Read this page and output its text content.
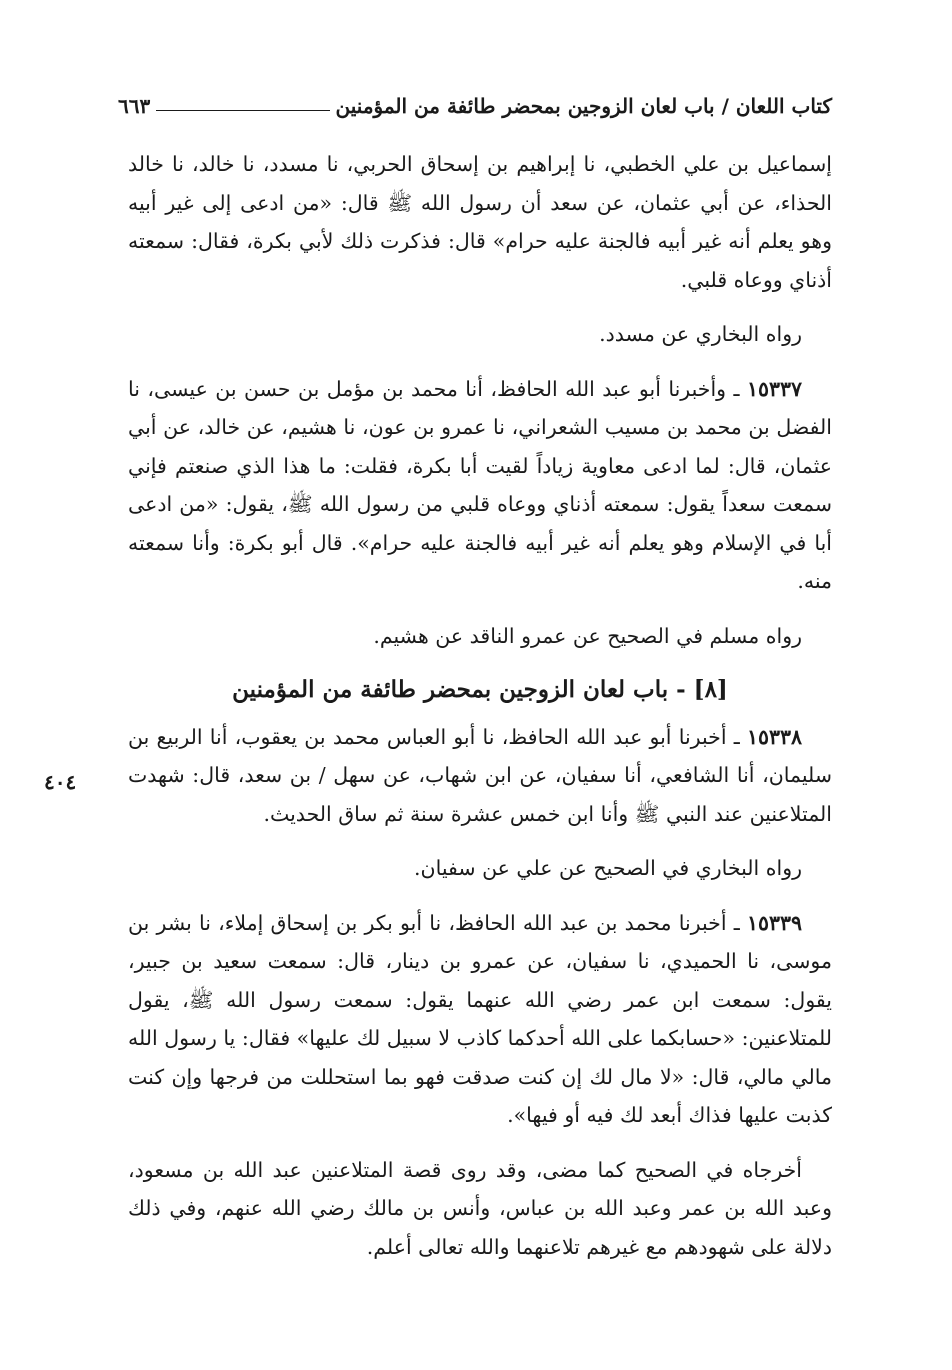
كتاب اللعان / باب لعان الزوجين بمحضر طائفة من المؤمنين
٦٦٣
٤٠٤

إسماعيل بن علي الخطبي، نا إبراهيم بن إسحاق الحربي، نا مسدد، نا خالد، نا خالد الحذاء، عن أبي عثمان، عن سعد أن رسول الله ﷺ قال: «من ادعى إلى غير أبيه وهو يعلم أنه غير أبيه فالجنة عليه حرام» قال: فذكرت ذلك لأبي بكرة، فقال: سمعته أذناي ووعاه قلبي.

رواه البخاري عن مسدد.

١٥٣٣٧ ـ وأخبرنا أبو عبد الله الحافظ، أنا محمد بن مؤمل بن حسن بن عيسى، نا الفضل بن محمد بن مسيب الشعراني، نا عمرو بن عون، نا هشيم، عن خالد، عن أبي عثمان، قال: لما ادعى معاوية زياداً لقيت أبا بكرة، فقلت: ما هذا الذي صنعتم فإني سمعت سعداً يقول: سمعته أذناي ووعاه قلبي من رسول الله ﷺ، يقول: «من ادعى أبا في الإسلام وهو يعلم أنه غير أبيه فالجنة عليه حرام». قال أبو بكرة: وأنا سمعته منه.

رواه مسلم في الصحيح عن عمرو الناقد عن هشيم.

[٨] - باب لعان الزوجين بمحضر طائفة من المؤمنين

١٥٣٣٨ ـ أخبرنا أبو عبد الله الحافظ، نا أبو العباس محمد بن يعقوب، أنا الربيع بن سليمان، أنا الشافعي، أنا سفيان، عن ابن شهاب، عن سهل / بن سعد، قال: شهدت المتلاعنين عند النبي ﷺ وأنا ابن خمس عشرة سنة ثم ساق الحديث.

رواه البخاري في الصحيح عن علي عن سفيان.

١٥٣٣٩ ـ أخبرنا محمد بن عبد الله الحافظ، نا أبو بكر بن إسحاق إملاء، نا بشر بن موسى، نا الحميدي، نا سفيان، عن عمرو بن دينار، قال: سمعت سعيد بن جبير، يقول: سمعت ابن عمر رضي الله عنهما يقول: سمعت رسول الله ﷺ، يقول للمتلاعنين: «حسابكما على الله أحدكما كاذب لا سبيل لك عليها» فقال: يا رسول الله مالي مالي، قال: «لا مال لك إن كنت صدقت فهو بما استحللت من فرجها وإن كنت كذبت عليها فذاك أبعد لك فيه أو فيها».

أخرجاه في الصحيح كما مضى، وقد روى قصة المتلاعنين عبد الله بن مسعود، وعبد الله بن عمر وعبد الله بن عباس، وأنس بن مالك رضي الله عنهم، وفي ذلك دلالة على شهودهم مع غيرهم تلاعنهما والله تعالى أعلم.
